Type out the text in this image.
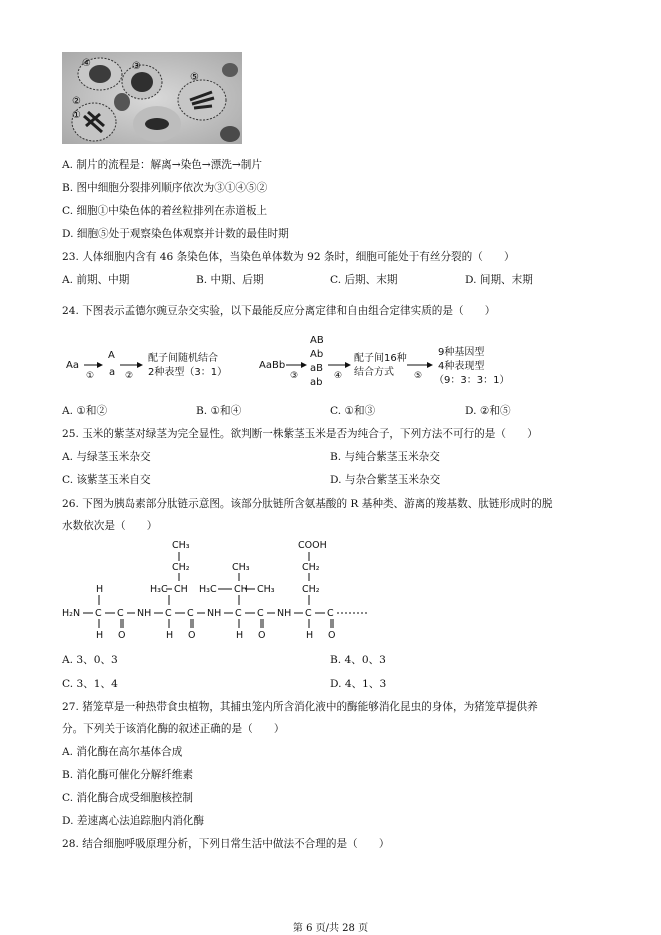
④	③
⑤
②
①
A. 制片的流程是：解离→染色→漂洗→制片
B. 图中细胞分裂排列顺序依次为③①④⑤②
C. 细胞①中染色体的着丝粒排列在赤道板上
D. 细胞⑤处于观察染色体观察并计数的最佳时期
23. 人体细胞内含有 46 条染色体，当染色单体数为 92 条时，细胞可能处于有丝分裂的（　　）
A. 前期、中期	B. 中期、后期	C. 后期、末期	D. 间期、末期
24. 下图表示孟德尔豌豆杂交实验，以下最能反应分离定律和自由组合定律实质的是（　　）
Aa
①
A
a ②
配子间随机结合
2种表型（3：1）
AaBb
③
AB
Ab
aB
ab
④
配子间16种
结合方式 ⑤
9种基因型
4种表现型
（9：3：3：1）
A. ①和②	B. ①和④	C. ①和③	D. ②和⑤
25. 玉米的紫茎对绿茎为完全显性。欲判断一株紫茎玉米是否为纯合子，下列方法不可行的是（　　）
A. 与绿茎玉米杂交	B. 与纯合紫茎玉米杂交
C. 该紫茎玉米自交	D. 与杂合紫茎玉米杂交
26. 下图为胰岛素部分肽链示意图。该部分肽链所含氨基酸的 R 基种类、游离的羧基数、肽链形成时的脱
水数依次是（　　）
H₂N C C NH C C NH C C NH C C
H
H O	O	O	O
H	H	H
H₃C CH
CH₂
CH₃
H₃C CH CH₃
CH₃
CH₂
CH₂
COOH
A. 3、0、3	B. 4、0、3
C. 3、1、4	D. 4、1、3
27. 猪笼草是一种热带食虫植物，其捕虫笼内所含消化液中的酶能够消化昆虫的身体，为猪笼草提供养
分。下列关于该消化酶的叙述正确的是（　　）
A. 消化酶在高尔基体合成
B. 消化酶可催化分解纤维素
C. 消化酶合成受细胞核控制
D. 差速离心法追踪胞内消化酶
28. 结合细胞呼吸原理分析，下列日常生活中做法不合理的是（　　）
第 6 页/共 28 页
